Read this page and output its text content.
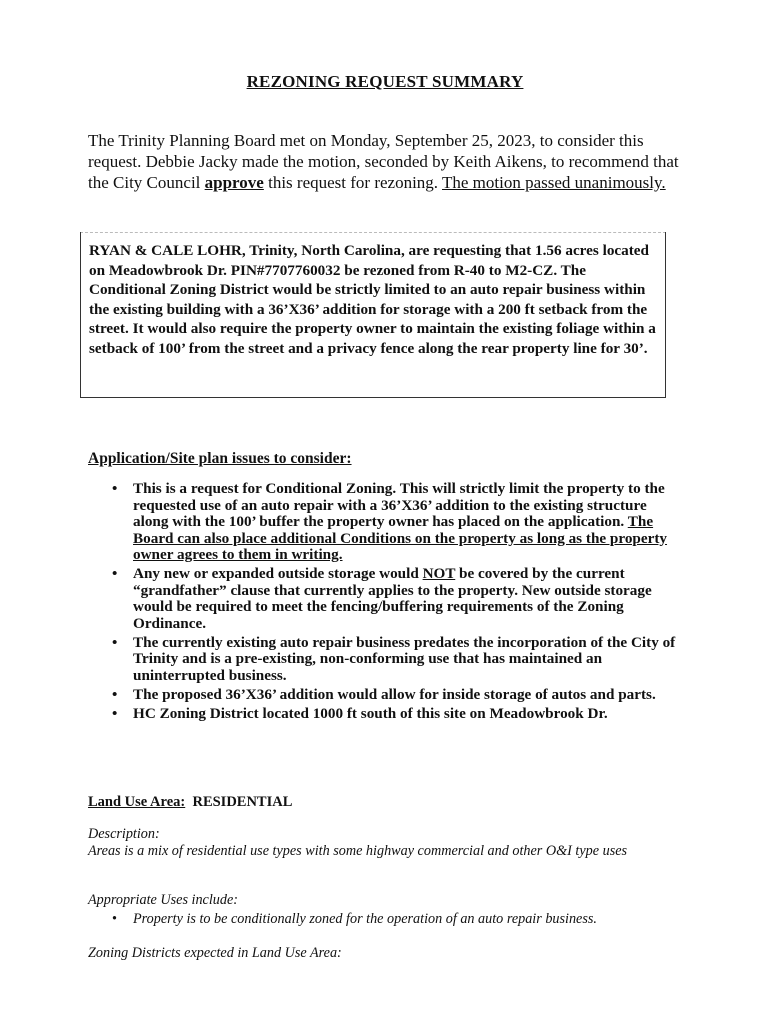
REZONING REQUEST SUMMARY
The Trinity Planning Board met on Monday, September 25, 2023, to consider this request. Debbie Jacky made the motion, seconded by Keith Aikens, to recommend that the City Council approve this request for rezoning. The motion passed unanimously.
RYAN & CALE LOHR, Trinity, North Carolina, are requesting that 1.56 acres located on Meadowbrook Dr. PIN#7707760032 be rezoned from R-40 to M2-CZ. The Conditional Zoning District would be strictly limited to an auto repair business within the existing building with a 36’X36’ addition for storage with a 200 ft setback from the street. It would also require the property owner to maintain the existing foliage within a setback of 100’ from the street and a privacy fence along the rear property line for 30’.
Application/Site plan issues to consider:
• This is a request for Conditional Zoning. This will strictly limit the property to the requested use of an auto repair with a 36’X36’ addition to the existing structure along with the 100’ buffer the property owner has placed on the application. The Board can also place additional Conditions on the property as long as the property owner agrees to them in writing.
• Any new or expanded outside storage would NOT be covered by the current “grandfather” clause that currently applies to the property. New outside storage would be required to meet the fencing/buffering requirements of the Zoning Ordinance.
• The currently existing auto repair business predates the incorporation of the City of Trinity and is a pre-existing, non-conforming use that has maintained an uninterrupted business.
• The proposed 36’X36’ addition would allow for inside storage of autos and parts.
• HC Zoning District located 1000 ft south of this site on Meadowbrook Dr.
Land Use Area: RESIDENTIAL
Description:
Areas is a mix of residential use types with some highway commercial and other O&I type uses
Appropriate Uses include:
• Property is to be conditionally zoned for the operation of an auto repair business.
Zoning Districts expected in Land Use Area:
